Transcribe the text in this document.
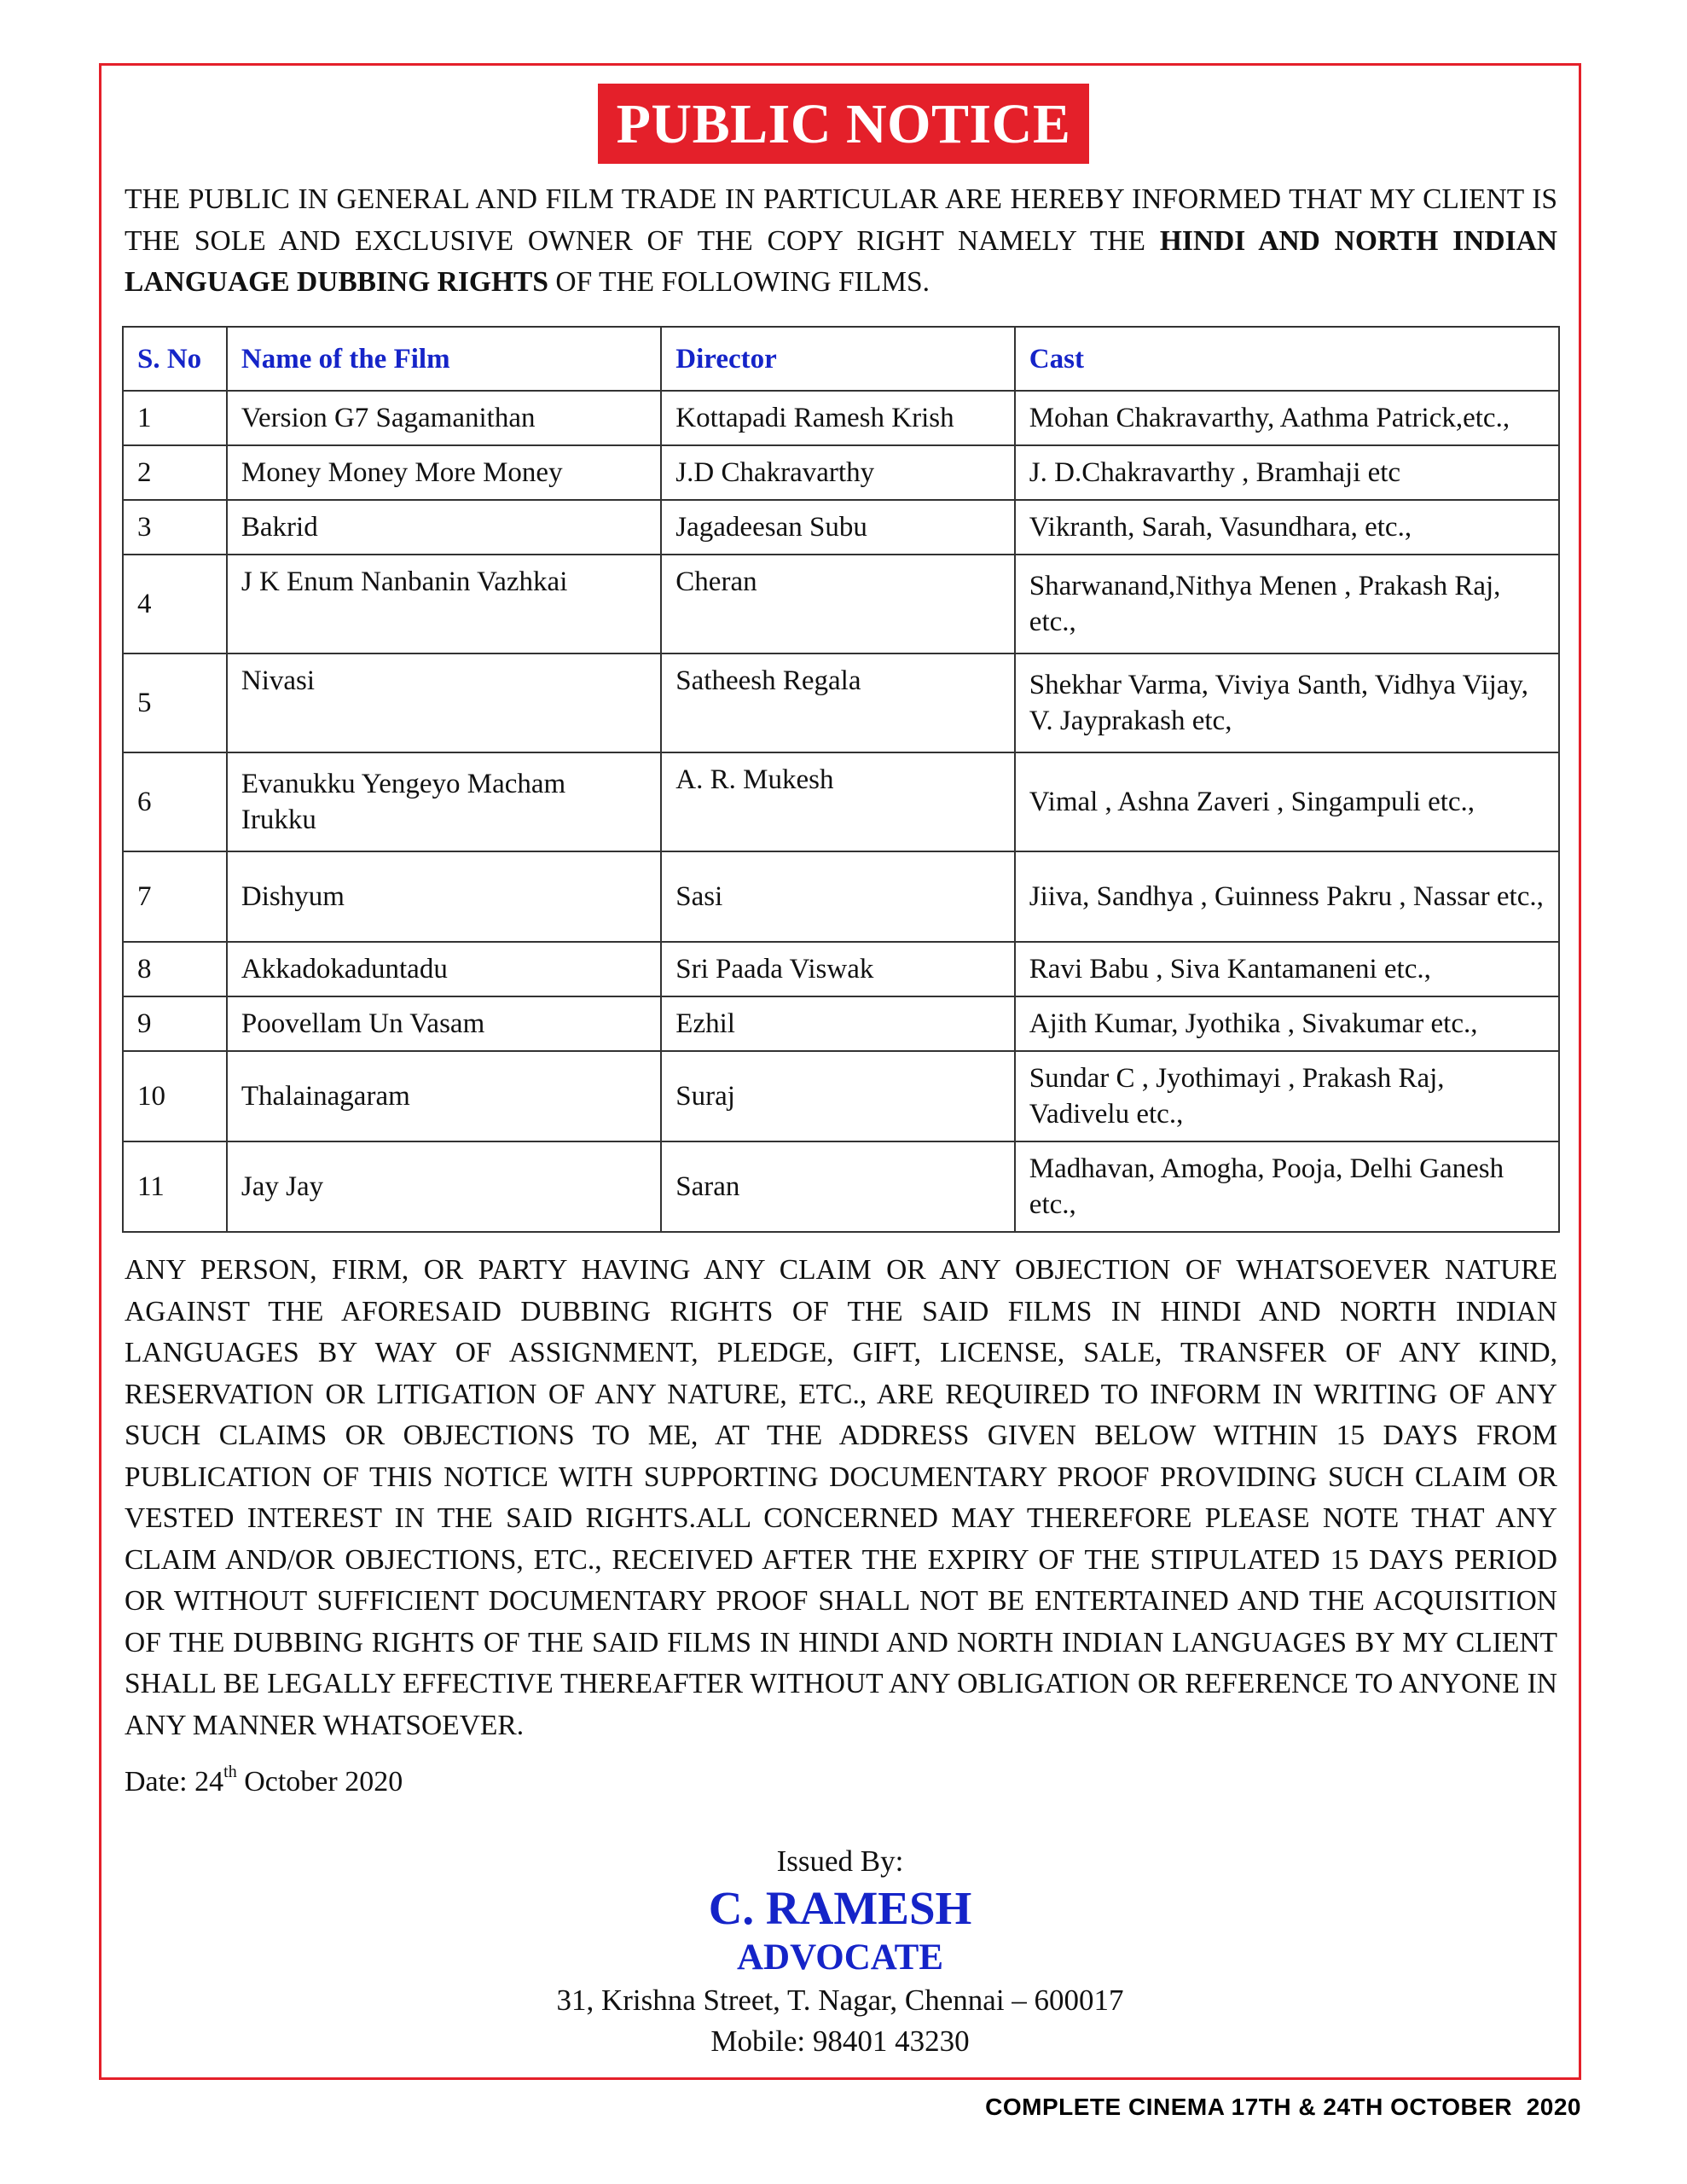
PUBLIC NOTICE
THE PUBLIC IN GENERAL AND FILM TRADE IN PARTICULAR ARE HEREBY INFORMED THAT MY CLIENT IS THE SOLE AND EXCLUSIVE OWNER OF THE COPY RIGHT NAMELY THE HINDI AND NORTH INDIAN LANGUAGE DUBBING RIGHTS OF THE FOLLOWING FILMS.
S. No	Name of the Film	Director	Cast
1	Version G7 Sagamanithan	Kottapadi Ramesh Krish	Mohan Chakravarthy, Aathma Patrick,etc.,
2	Money Money More Money	J.D Chakravarthy	J. D.Chakravarthy , Bramhaji etc
3	Bakrid	Jagadeesan Subu	Vikranth, Sarah, Vasundhara, etc.,
4	J K Enum Nanbanin Vazhkai	Cheran	Sharwanand,Nithya Menen , Prakash Raj, etc.,
5	Nivasi	Satheesh Regala	Shekhar Varma, Viviya Santh, Vidhya Vijay, V. Jayprakash etc,
6	Evanukku Yengeyo Macham Irukku	A. R. Mukesh	Vimal , Ashna Zaveri , Singampuli etc.,
7	Dishyum	Sasi	Jiiva, Sandhya , Guinness Pakru , Nassar etc.,
8	Akkadokaduntadu	Sri Paada Viswak	Ravi Babu , Siva Kantamaneni etc.,
9	Poovellam Un Vasam	Ezhil	Ajith Kumar, Jyothika , Sivakumar etc.,
10	Thalainagaram	Suraj	Sundar C , Jyothimayi , Prakash Raj, Vadivelu etc.,
11	Jay Jay	Saran	Madhavan, Amogha, Pooja, Delhi Ganesh etc.,
ANY PERSON, FIRM, OR PARTY HAVING ANY CLAIM OR ANY OBJECTION OF WHATSOEVER NATURE AGAINST THE AFORESAID DUBBING RIGHTS OF THE SAID FILMS IN HINDI AND NORTH INDIAN LANGUAGES BY WAY OF ASSIGNMENT, PLEDGE, GIFT, LICENSE, SALE, TRANSFER OF ANY KIND, RESERVATION OR LITIGATION OF ANY NATURE, ETC., ARE REQUIRED TO INFORM IN WRITING OF ANY SUCH CLAIMS OR OBJECTIONS TO ME, AT THE ADDRESS GIVEN BELOW WITHIN 15 DAYS FROM PUBLICATION OF THIS NOTICE WITH SUPPORTING DOCUMENTARY PROOF PROVIDING SUCH CLAIM OR VESTED INTEREST IN THE SAID RIGHTS.ALL CONCERNED MAY THEREFORE PLEASE NOTE THAT ANY CLAIM AND/OR OBJECTIONS, ETC., RECEIVED AFTER THE EXPIRY OF THE STIPULATED 15 DAYS PERIOD OR WITHOUT SUFFICIENT DOCUMENTARY PROOF SHALL NOT BE ENTERTAINED AND THE ACQUISITION OF THE DUBBING RIGHTS OF THE SAID FILMS IN HINDI AND NORTH INDIAN LANGUAGES BY MY CLIENT SHALL BE LEGALLY EFFECTIVE THEREAFTER WITHOUT ANY OBLIGATION OR REFERENCE TO ANYONE IN ANY MANNER WHATSOEVER.
Date: 24th October 2020
Issued By:
C. RAMESH
ADVOCATE
31, Krishna Street, T. Nagar, Chennai – 600017
Mobile: 98401 43230
COMPLETE CINEMA 17TH & 24TH OCTOBER  2020
